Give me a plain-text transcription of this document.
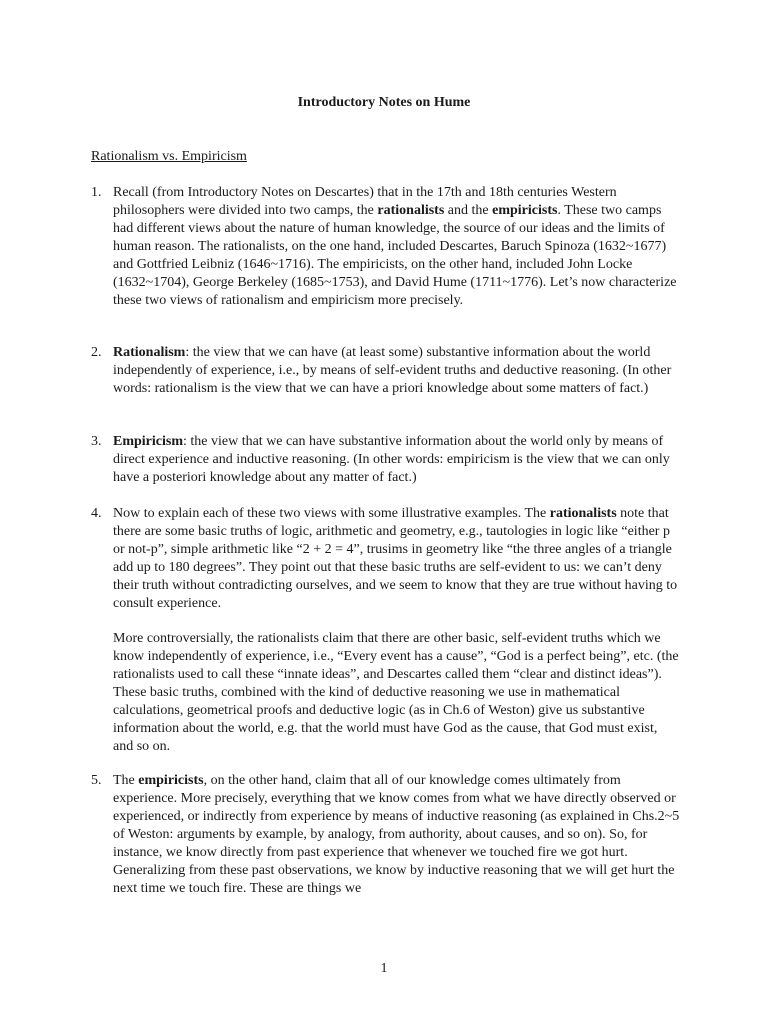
Introductory Notes on Hume
Rationalism vs. Empiricism
1. Recall (from Introductory Notes on Descartes) that in the 17th and 18th centuries Western philosophers were divided into two camps, the rationalists and the empiricists. These two camps had different views about the nature of human knowledge, the source of our ideas and the limits of human reason. The rationalists, on the one hand, included Descartes, Baruch Spinoza (1632~1677) and Gottfried Leibniz (1646~1716). The empiricists, on the other hand, included John Locke (1632~1704), George Berkeley (1685~1753), and David Hume (1711~1776). Let’s now characterize these two views of rationalism and empiricism more precisely.
2. Rationalism: the view that we can have (at least some) substantive information about the world independently of experience, i.e., by means of self-evident truths and deductive reasoning. (In other words: rationalism is the view that we can have a priori knowledge about some matters of fact.)
3. Empiricism: the view that we can have substantive information about the world only by means of direct experience and inductive reasoning. (In other words: empiricism is the view that we can only have a posteriori knowledge about any matter of fact.)
4. Now to explain each of these two views with some illustrative examples. The rationalists note that there are some basic truths of logic, arithmetic and geometry, e.g., tautologies in logic like “either p or not-p”, simple arithmetic like “2 + 2 = 4”, trusims in geometry like “the three angles of a triangle add up to 180 degrees”. They point out that these basic truths are self-evident to us: we can’t deny their truth without contradicting ourselves, and we seem to know that they are true without having to consult experience.
More controversially, the rationalists claim that there are other basic, self-evident truths which we know independently of experience, i.e., “Every event has a cause”, “God is a perfect being”, etc. (the rationalists used to call these “innate ideas”, and Descartes called them “clear and distinct ideas”). These basic truths, combined with the kind of deductive reasoning we use in mathematical calculations, geometrical proofs and deductive logic (as in Ch.6 of Weston) give us substantive information about the world, e.g. that the world must have God as the cause, that God must exist, and so on.
5. The empiricists, on the other hand, claim that all of our knowledge comes ultimately from experience. More precisely, everything that we know comes from what we have directly observed or experienced, or indirectly from experience by means of inductive reasoning (as explained in Chs.2~5 of Weston: arguments by example, by analogy, from authority, about causes, and so on). So, for instance, we know directly from past experience that whenever we touched fire we got hurt. Generalizing from these past observations, we know by inductive reasoning that we will get hurt the next time we touch fire. These are things we
1
